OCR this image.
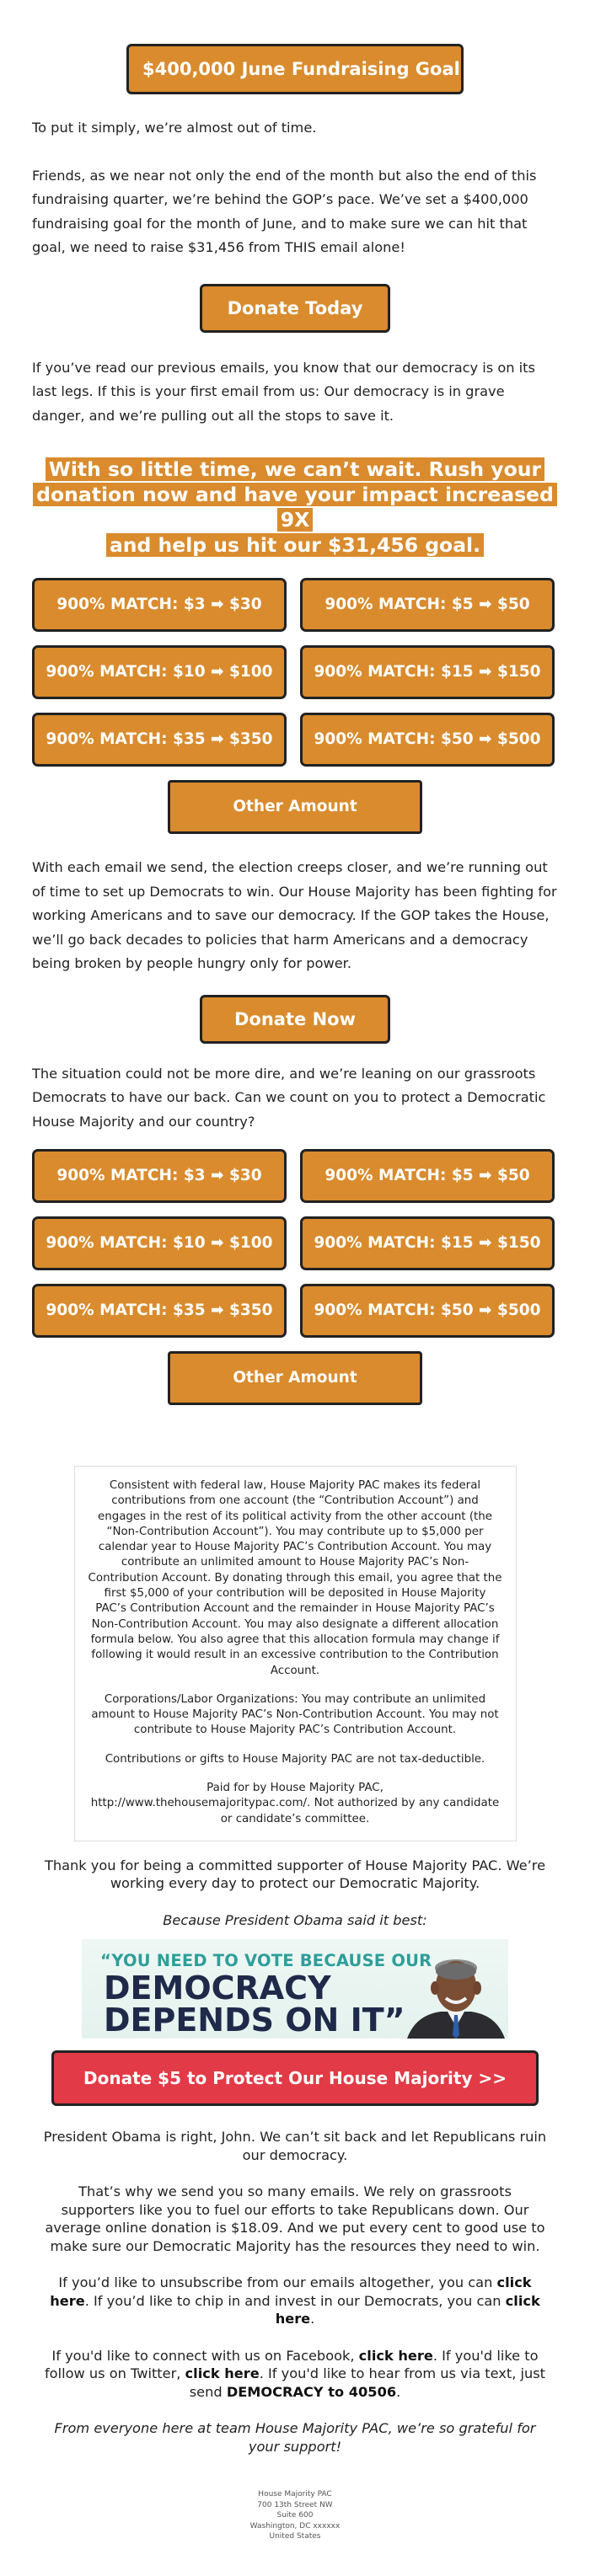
$400,000 June Fundraising Goal

To put it simply, we’re almost out of time.

Friends, as we near not only the end of the month but also the end of this fundraising quarter, we’re behind the GOP’s pace. We’ve set a $400,000 fundraising goal for the month of June, and to make sure we can hit that goal, we need to raise $31,456 from THIS email alone!

Donate Today

If you’ve read our previous emails, you know that our democracy is on its last legs. If this is your first email from us: Our democracy is in grave danger, and we’re pulling out all the stops to save it.

With so little time, we can’t wait. Rush your
donation now and have your impact increased 9X
and help us hit our $31,456 goal.
900% MATCH: $3 ➡ $30	900% MATCH: $5 ➡ $50
900% MATCH: $10 ➡ $100	900% MATCH: $15 ➡ $150
900% MATCH: $35 ➡ $350	900% MATCH: $50 ➡ $500
Other Amount

With each email we send, the election creeps closer, and we’re running out of time to set up Democrats to win. Our House Majority has been fighting for working Americans and to save our democracy. If the GOP takes the House, we’ll go back decades to policies that harm Americans and a democracy being broken by people hungry only for power.

Donate Now

The situation could not be more dire, and we’re leaning on our grassroots Democrats to have our back. Can we count on you to protect a Democratic House Majority and our country?

900% MATCH: $3 ➡ $30	900% MATCH: $5 ➡ $50
900% MATCH: $10 ➡ $100	900% MATCH: $15 ➡ $150
900% MATCH: $35 ➡ $350	900% MATCH: $50 ➡ $500
Other Amount

Consistent with federal law, House Majority PAC makes its federal contributions from one account (the “Contribution Account”) and engages in the rest of its political activity from the other account (the “Non-Contribution Account”). You may contribute up to $5,000 per calendar year to House Majority PAC’s Contribution Account. You may contribute an unlimited amount to House Majority PAC’s Non-Contribution Account. By donating through this email, you agree that the first $5,000 of your contribution will be deposited in House Majority PAC’s Contribution Account and the remainder in House Majority PAC’s Non-Contribution Account. You may also designate a different allocation formula below. You also agree that this allocation formula may change if following it would result in an excessive contribution to the Contribution Account.

Corporations/Labor Organizations: You may contribute an unlimited amount to House Majority PAC’s Non-Contribution Account. You may not contribute to House Majority PAC’s Contribution Account.

Contributions or gifts to House Majority PAC are not tax-deductible.

Paid for by House Majority PAC,
http://www.thehousemajoritypac.com/. Not authorized by any candidate or candidate’s committee.

Thank you for being a committed supporter of House Majority PAC. We’re working every day to protect our Democratic Majority.

Because President Obama said it best:

“YOU NEED TO VOTE BECAUSE OUR
DEMOCRACY
DEPENDS ON IT”
Donate $5 to Protect Our House Majority >>

President Obama is right, John. We can’t sit back and let Republicans ruin our democracy.

That’s why we send you so many emails. We rely on grassroots supporters like you to fuel our efforts to take Republicans down. Our average online donation is $18.09. And we put every cent to good use to make sure our Democratic Majority has the resources they need to win.

If you’d like to unsubscribe from our emails altogether, you can click here. If you’d like to chip in and invest in our Democrats, you can click here.

If you'd like to connect with us on Facebook, click here. If you'd like to follow us on Twitter, click here. If you'd like to hear from us via text, just send DEMOCRACY to 40506.

From everyone here at team House Majority PAC, we’re so grateful for your support!

House Majority PAC
700 13th Street NW
Suite 600
Washington, DC xxxxxx
United States
